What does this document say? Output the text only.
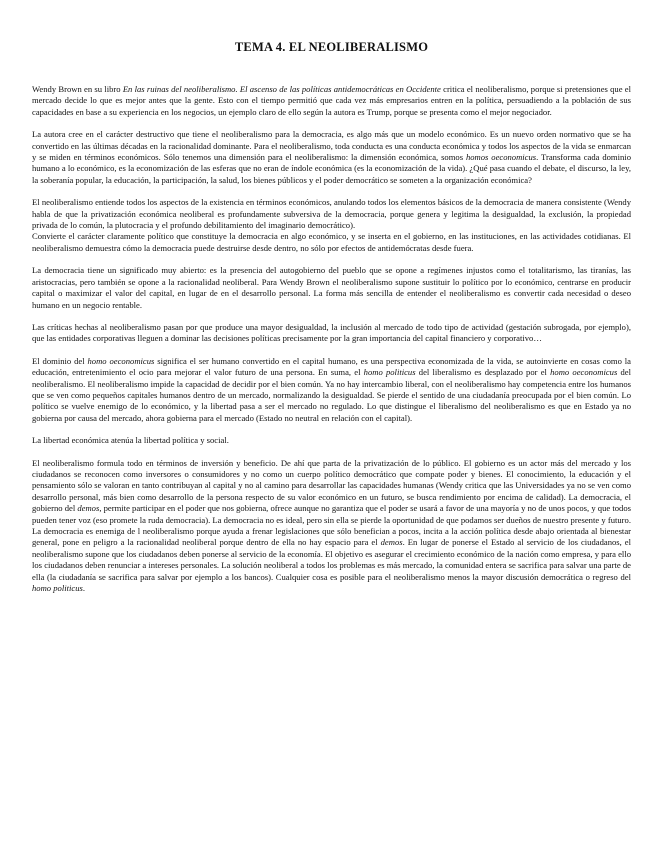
TEMA 4. EL NEOLIBERALISMO

Wendy Brown en su libro En las ruinas del neoliberalismo. El ascenso de las políticas antidemocráticas en Occidente critica el neoliberalismo, porque si pretensiones que el mercado decide lo que es mejor antes que la gente. Esto con el tiempo permitió que cada vez más empresarios entren en la política, persuadiendo a la población de sus capacidades en base a su experiencia en los negocios, un ejemplo claro de ello según la autora es Trump, porque se presenta como el mejor negociador.

La autora cree en el carácter destructivo que tiene el neoliberalismo para la democracia, es algo más que un modelo económico. Es un nuevo orden normativo que se ha convertido en las últimas décadas en la racionalidad dominante. Para el neoliberalismo, toda conducta es una conducta económica y todos los aspectos de la vida se enmarcan y se miden en términos económicos. Sólo tenemos una dimensión para el neoliberalismo: la dimensión económica, somos homos oeconomicus. Transforma cada dominio humano a lo económico, es la economización de las esferas que no eran de índole económica (es la economización de la vida). ¿Qué pasa cuando el debate, el discurso, la ley, la soberanía popular, la educación, la participación, la salud, los bienes públicos y el poder democrático se someten a la organización económica?

El neoliberalismo entiende todos los aspectos de la existencia en términos económicos, anulando todos los elementos básicos de la democracia de manera consistente (Wendy habla de que la privatización económica neoliberal es profundamente subversiva de la democracia, porque genera y legitima la desigualdad, la exclusión, la propiedad privada de lo común, la plutocracia y el profundo debilitamiento del imaginario democrático).

Convierte el carácter claramente político que constituye la democracia en algo económico, y se inserta en el gobierno, en las instituciones, en las actividades cotidianas. El neoliberalismo demuestra cómo la democracia puede destruirse desde dentro, no sólo por efectos de antidemócratas desde fuera.

La democracia tiene un significado muy abierto: es la presencia del autogobierno del pueblo que se opone a regímenes injustos como el totalitarismo, las tiranías, las aristocracias, pero también se opone a la racionalidad neoliberal. Para Wendy Brown el neoliberalismo supone sustituir lo político por lo económico, centrarse en producir capital o maximizar el valor del capital, en lugar de en el desarrollo personal. La forma más sencilla de entender el neoliberalismo es convertir cada necesidad o deseo humano en un negocio rentable.

Las críticas hechas al neoliberalismo pasan por que produce una mayor desigualdad, la inclusión al mercado de todo tipo de actividad (gestación subrogada, por ejemplo), que las entidades corporativas lleguen a dominar las decisiones políticas precisamente por la gran importancia del capital financiero y corporativo…

El dominio del homo oeconomicus significa el ser humano convertido en el capital humano, es una perspectiva economizada de la vida, se autoinvierte en cosas como la educación, entretenimiento el ocio para mejorar el valor futuro de una persona. En suma, el homo politicus del liberalismo es desplazado por el homo oeconomicus del neoliberalismo. El neoliberalismo impide la capacidad de decidir por el bien común. Ya no hay intercambio liberal, con el neoliberalismo hay competencia entre los humanos que se ven como pequeños capitales humanos dentro de un mercado, normalizando la desigualdad. Se pierde el sentido de una ciudadanía preocupada por el bien común. Lo político se vuelve enemigo de lo económico, y la libertad pasa a ser el mercado no regulado. Lo que distingue el liberalismo del neoliberalismo es que en Estado ya no gobierna por causa del mercado, ahora gobierna para el mercado (Estado no neutral en relación con el capital).

La libertad económica atenúa la libertad política y social.

El neoliberalismo formula todo en términos de inversión y beneficio. De ahí que parta de la privatización de lo público. El gobierno es un actor más del mercado y los ciudadanos se reconocen como inversores o consumidores y no como un cuerpo político democrático que compate poder y bienes. El conocimiento, la educación y el pensamiento sólo se valoran en tanto contribuyan al capital y no al camino para desarrollar las capacidades humanas (Wendy critica que las Universidades ya no se ven como desarrollo personal, más bien como desarrollo de la persona respecto de su valor económico en un futuro, se busca rendimiento por encima de calidad). La democracia, el gobierno del demos, permite participar en el poder que nos gobierna, ofrece aunque no garantiza que el poder se usará a favor de una mayoría y no de unos pocos, y que todos pueden tener voz (eso promete la ruda democracia). La democracia no es ideal, pero sin ella se pierde la oportunidad de que podamos ser dueños de nuestro presente y futuro. La democracia es enemiga de l neoliberalismo porque ayuda a frenar legislaciones que sólo benefician a pocos, incita a la acción política desde abajo orientada al bienestar general, pone en peligro a la racionalidad neoliberal porque dentro de ella no hay espacio para el demos. En lugar de ponerse el Estado al servicio de los ciudadanos, el neoliberalismo supone que los ciudadanos deben ponerse al servicio de la economía. El objetivo es asegurar el crecimiento económico de la nación como empresa, y para ello los ciudadanos deben renunciar a intereses personales. La solución neoliberal a todos los problemas es más mercado, la comunidad entera se sacrifica para salvar una parte de ella (la ciudadanía se sacrifica para salvar por ejemplo a los bancos). Cualquier cosa es posible para el neoliberalismo menos la mayor discusión democrática o regreso del homo politicus.
